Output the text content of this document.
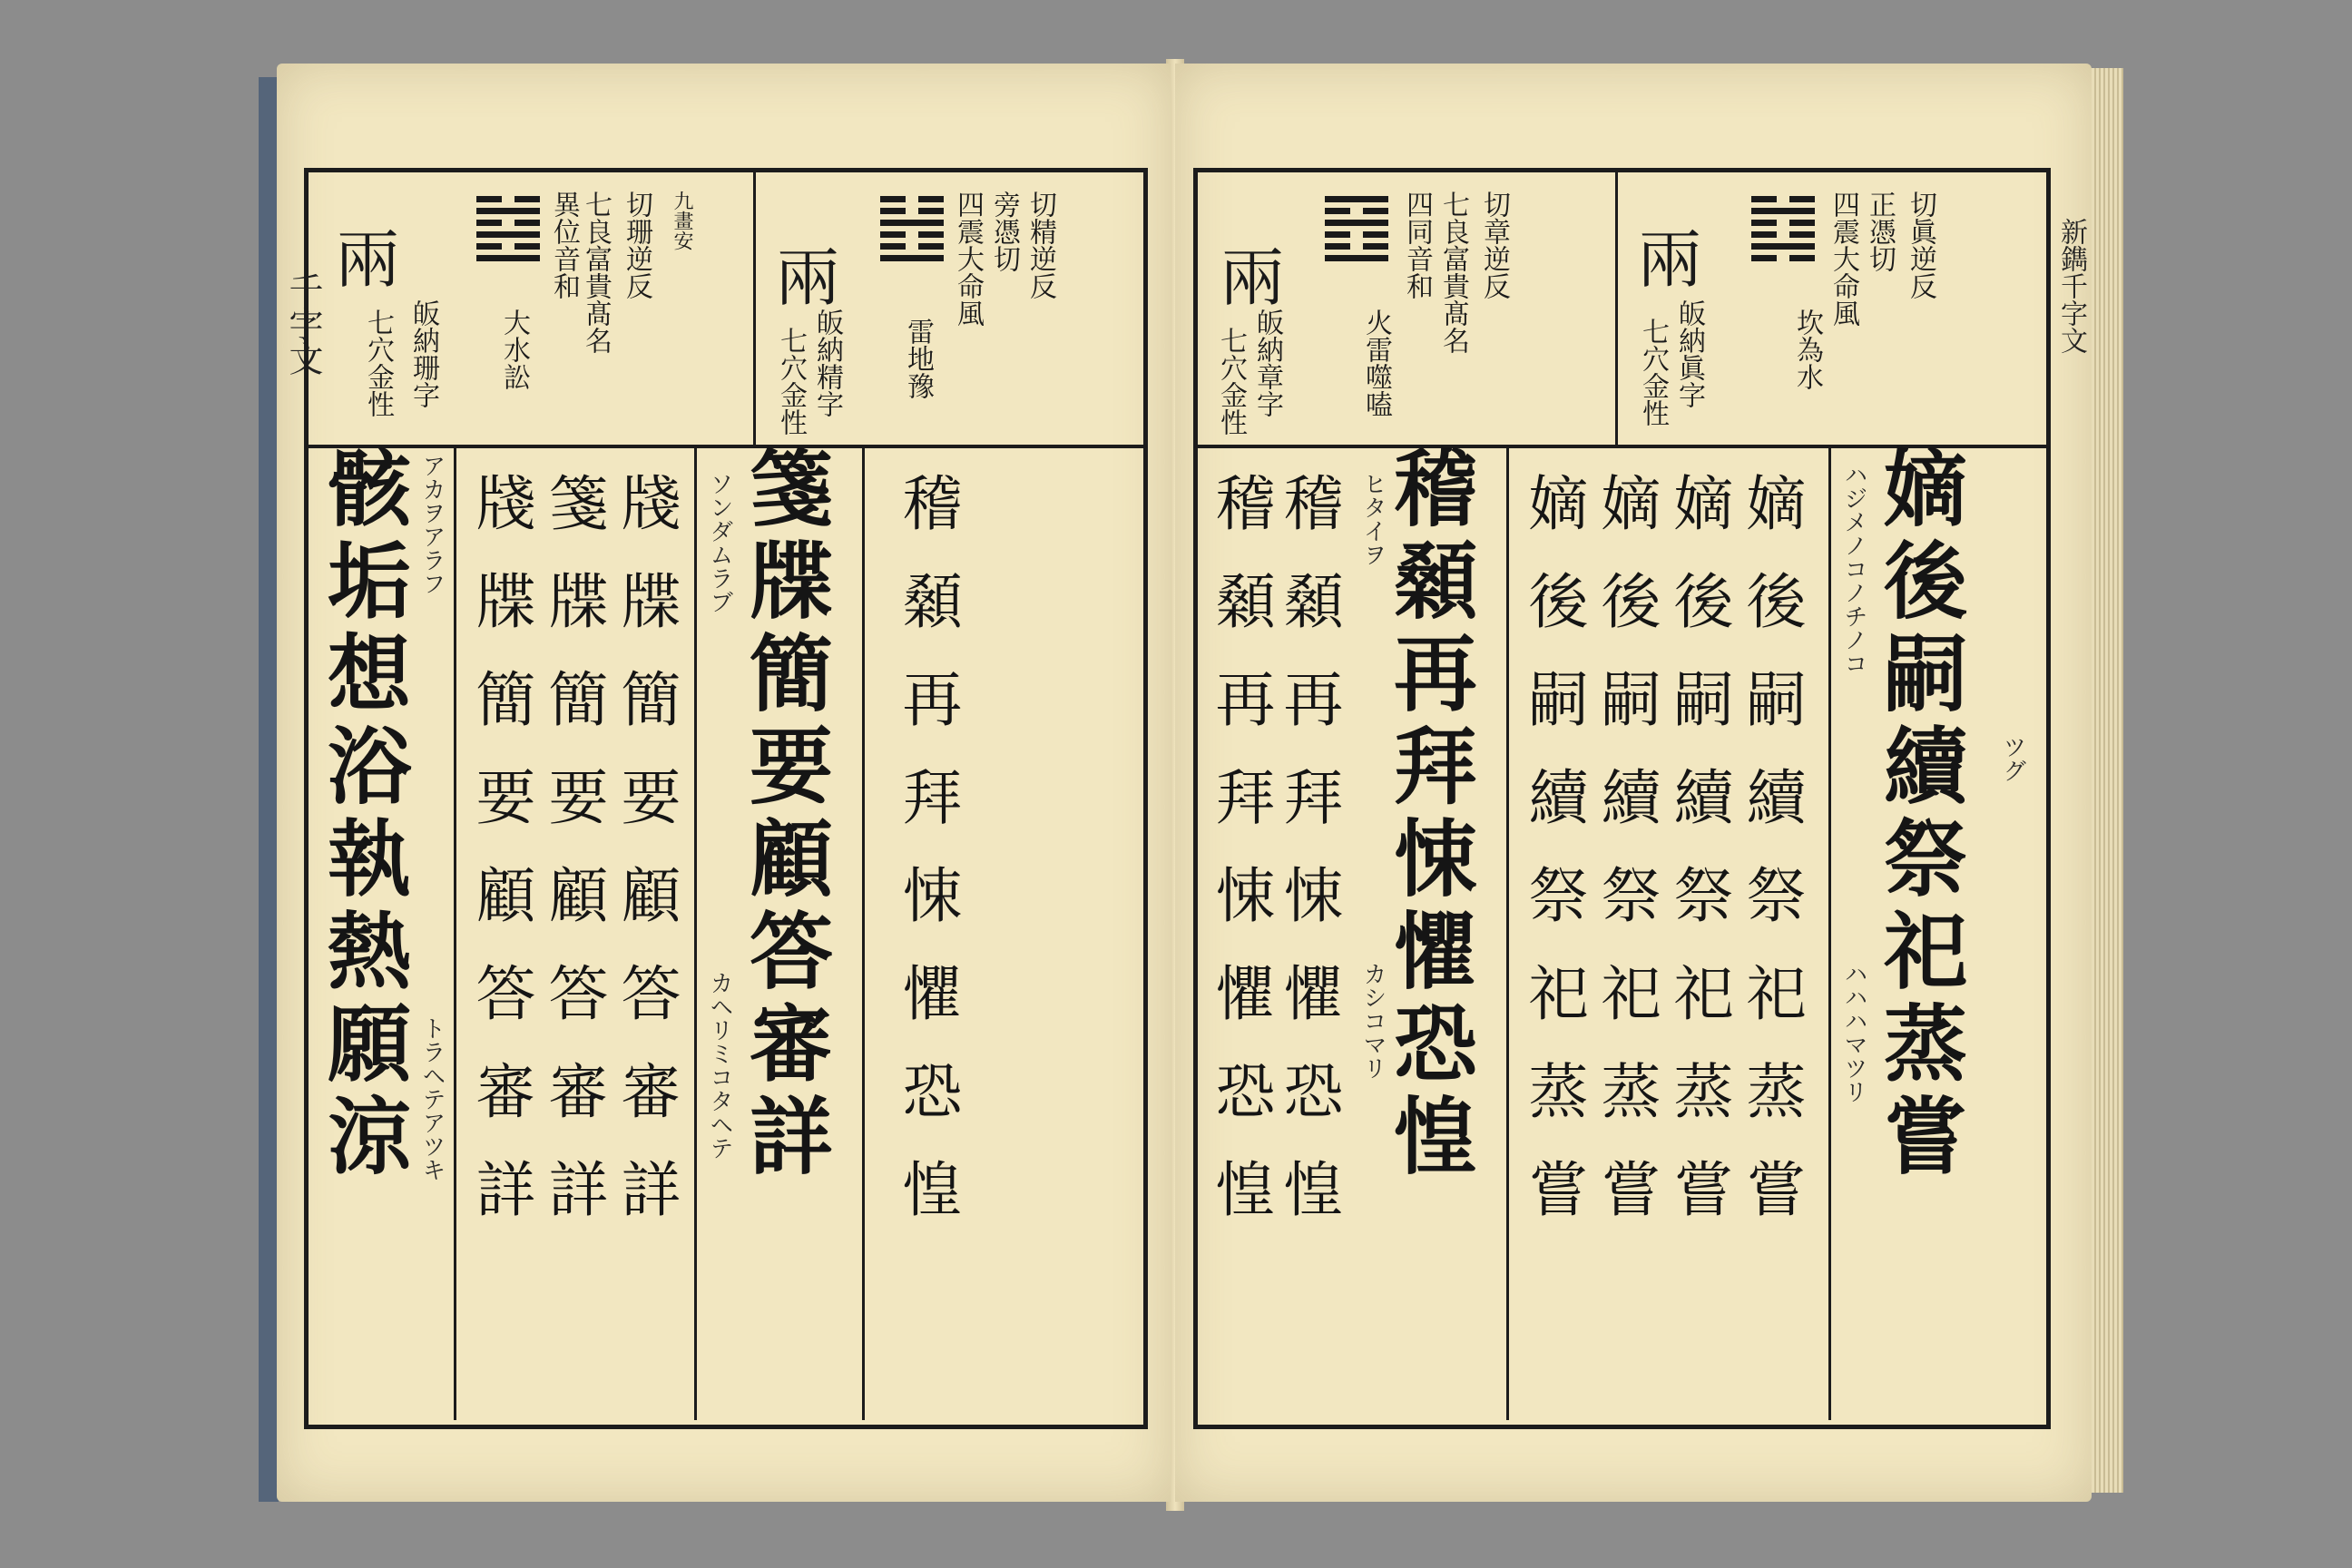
千字文
兩
七穴金性 皈納珊字
異位音和 七良富貴髙名 切珊逆反
大水訟
九畫安
兩
七穴金性 皈納精字
四震大命風 旁憑切 切精逆反
雷地豫
骸垢想浴執熱願涼 アカヲアラフ
トラヘテアツキ 牋牒簡要顧答審詳 箋牒簡要顧答審詳 牋牒簡要顧答審詳 ソンダムラブ
カヘリミコタヘテ 箋牒簡要顧答審詳 稽顙再拜悚懼恐惶
兩
七穴金性 皈納章字
四同音和 七良富貴髙名 切章逆反
火雷噬嗑
兩
七穴金性 皈納眞字
四震大命風 正憑切 切眞逆反
坎為水
稽顙再拜悚懼恐惶
稽顙再拜悚懼恐惶 ヒタイヲ
カシコマリ
稽顙再拜悚懼恐惶 嫡後嗣續祭祀蒸嘗 嫡後嗣續祭祀蒸嘗 嫡後嗣續祭祀蒸嘗 嫡後嗣續祭祀蒸嘗 ハジメノコノチノコ
ハハハマツリ 嫡後嗣續祭祀蒸嘗 ツグ
新鐫千字文
